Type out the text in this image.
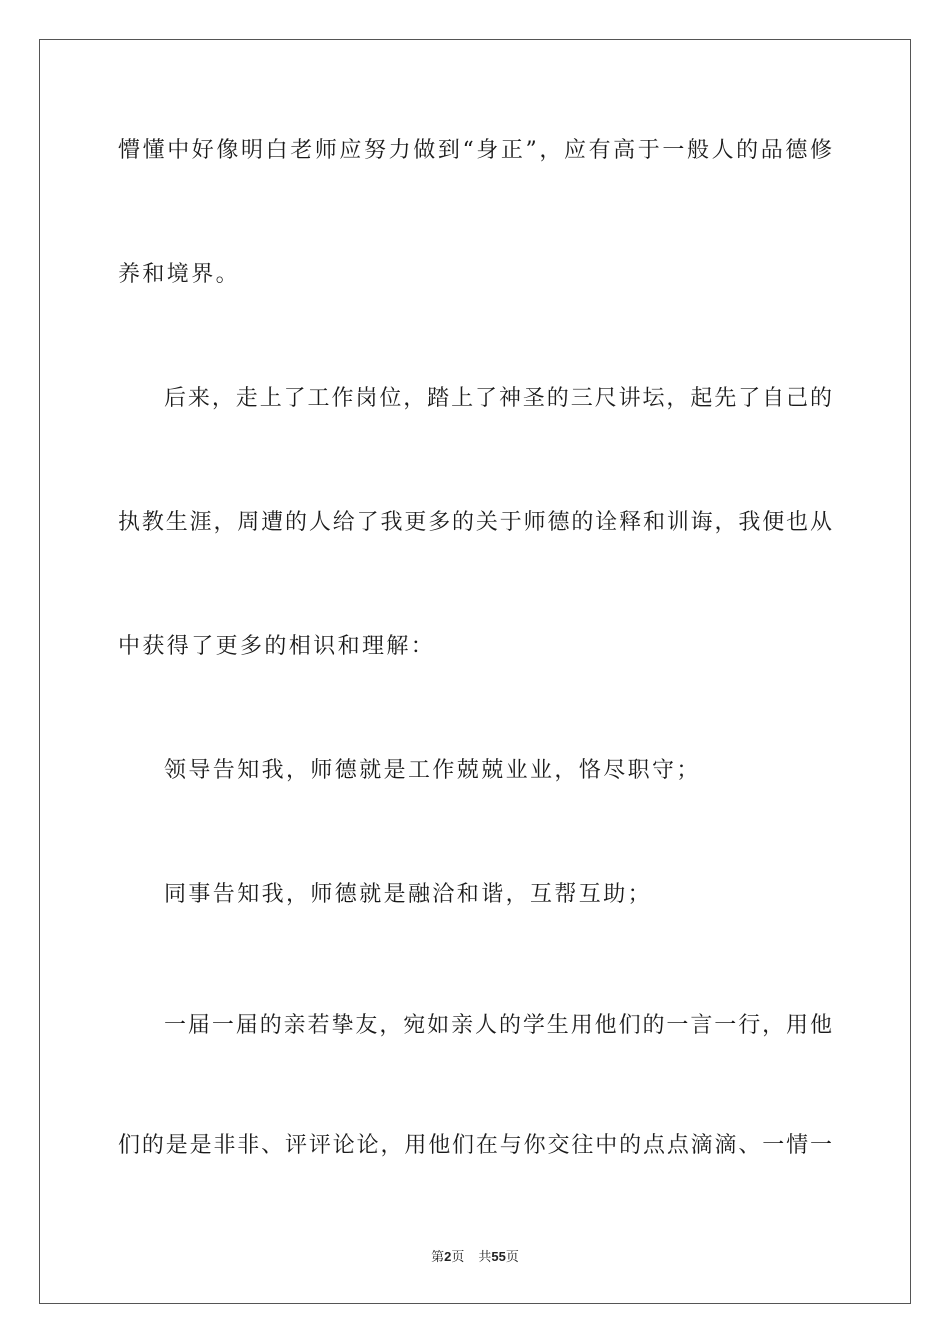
懵懂中好像明白老师应努力做到“身正”，应有高于一般人的品德修
养和境界。
后来，走上了工作岗位，踏上了神圣的三尺讲坛，起先了自己的
执教生涯，周遭的人给了我更多的关于师德的诠释和训诲，我便也从
中获得了更多的相识和理解：
领导告知我，师德就是工作兢兢业业，恪尽职守；
同事告知我，师德就是融洽和谐，互帮互助；
一届一届的亲若挚友，宛如亲人的学生用他们的一言一行，用他
们的是是非非、评评论论，用他们在与你交往中的点点滴滴、一情一
第2页 共55页
